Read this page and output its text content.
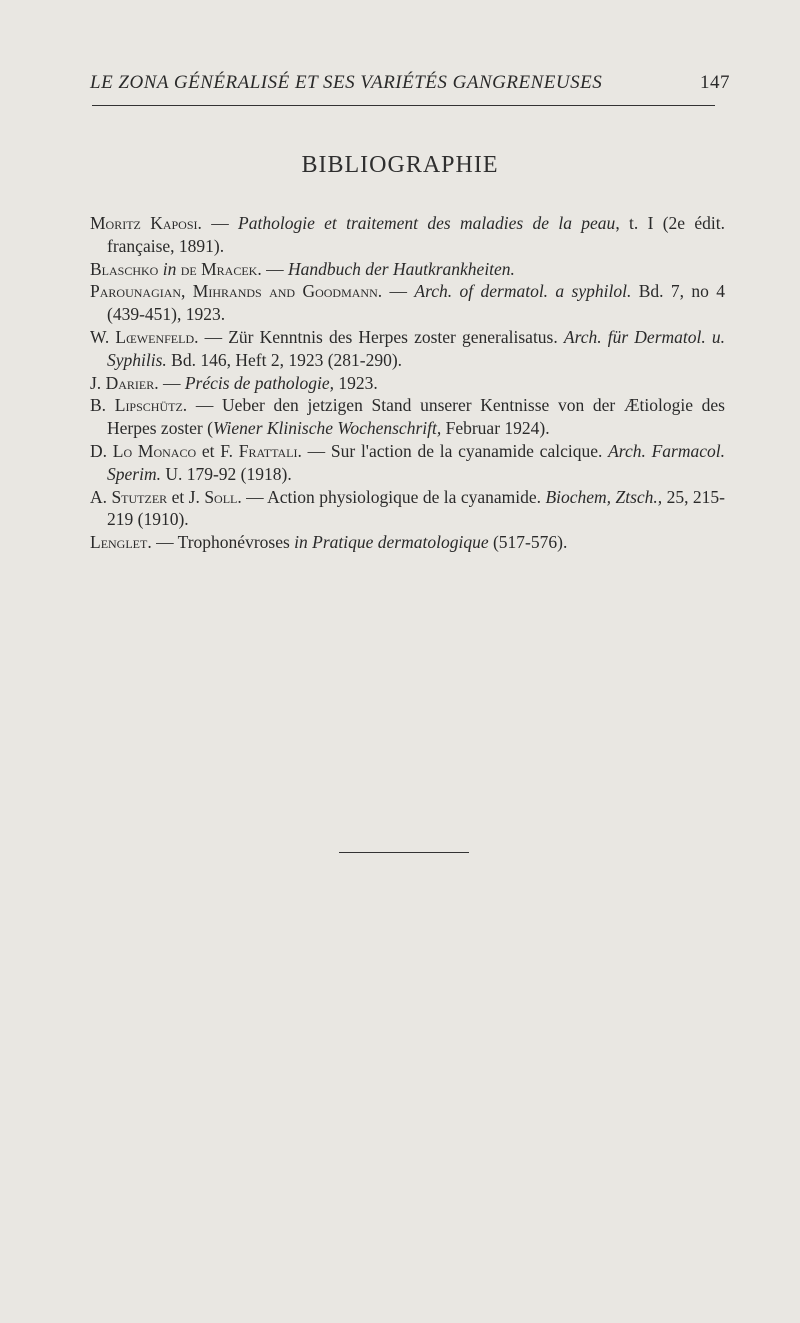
LE ZONA GÉNÉRALISÉ ET SES VARIÉTÉS GANGRENEUSES	147
BIBLIOGRAPHIE
Moritz Kaposi. — Pathologie et traitement des maladies de la peau, t. I (2e édit. française, 1891).
Blaschko in de Mracek. — Handbuch der Hautkrankheiten.
Parounagian, Mihrands and Goodmann. — Arch. of dermatol. a syphilol. Bd. 7, no 4 (439-451), 1923.
W. Lœwenfeld. — Zür Kenntnis des Herpes zoster generalisatus. Arch. für Dermatol. u. Syphilis. Bd. 146, Heft 2, 1923 (281-290).
J. Darier. — Précis de pathologie, 1923.
B. Lipschütz. — Ueber den jetzigen Stand unserer Kentnisse von der Ætiologie des Herpes zoster (Wiener Klinische Wochenschrift, Februar 1924).
D. Lo Monaco et F. Frattali. — Sur l'action de la cyanamide calcique. Arch. Farmacol. Sperim. U. 179-92 (1918).
A. Stutzer et J. Soll. — Action physiologique de la cyanamide. Biochem, Ztsch., 25, 215-219 (1910).
Lenglet. — Trophonévroses in Pratique dermatologique (517-576).
